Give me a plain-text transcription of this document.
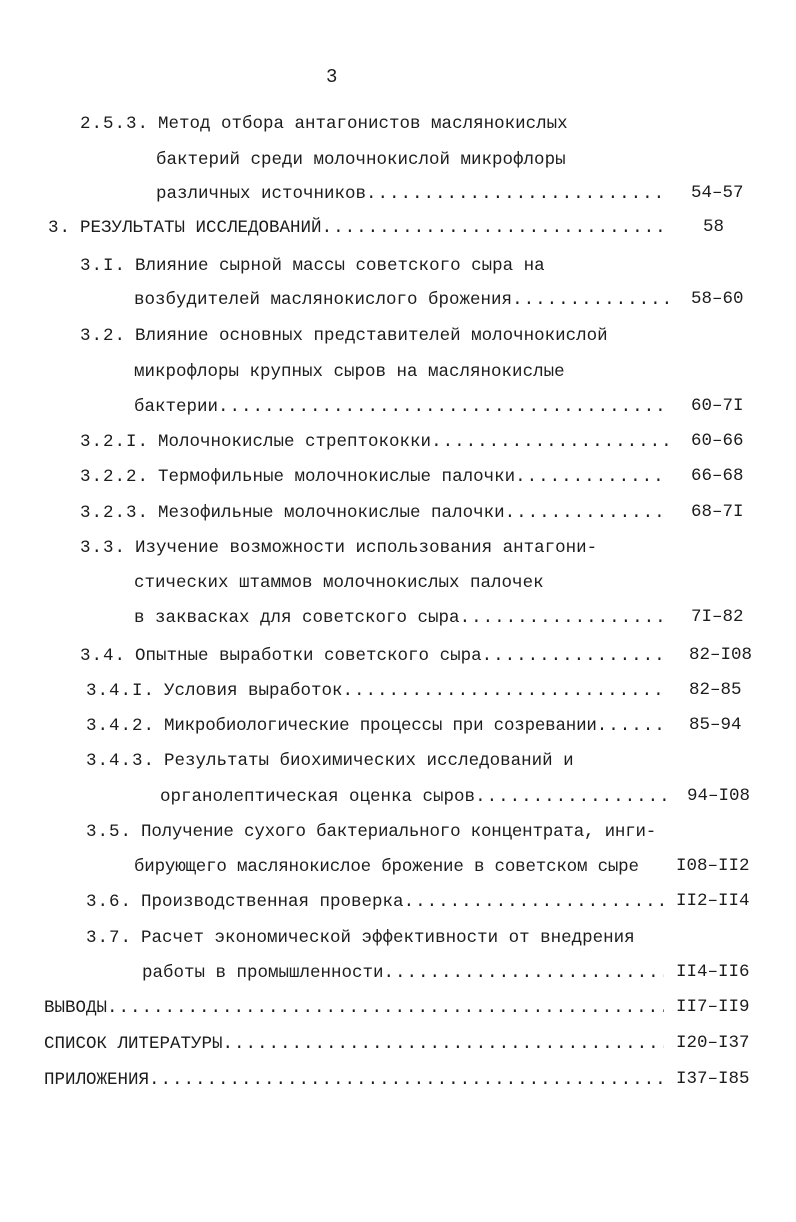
3
2.5.3. Метод отбора антагонистов маслянокислых
бактерий среди молочнокислой микрофлоры
различных источников .....	54–57
3. РЕЗУЛЬТАТЫ ИССЛЕДОВАНИЙ .....	58
3.I. Влияние сырной массы советского сыра на
возбудителей маслянокислого брожения .....	58–60
3.2. Влияние основных представителей молочнокислой
микрофлоры крупных сыров на маслянокислые
бактерии .....	60–7I
3.2.I. Молочнокислые стрептококки .....	60–66
3.2.2. Термофильные молочнокислые палочки .....	66–68
3.2.3. Мезофильные молочнокислые палочки .....	68–7I
3.3. Изучение возможности использования антагони-
стических штаммов молочнокислых палочек
в заквасках для советского сыра .....	7I–82
3.4. Опытные выработки советского сыра .....	82–I08
3.4.I. Условия выработок .....	82–85
3.4.2. Микробиологические процессы при созревании .....	85–94
3.4.3. Результаты биохимических исследований и
органолептическая оценка сыров .....	94–I08
3.5. Получение сухого бактериального концентрата, инги-
бирующего маслянокислое брожение в советском сыре I08–II2
3.6. Производственная проверка .....	II2–II4
3.7. Расчет экономической эффективности от внедрения
работы в промышленности .....	II4–II6
ВЫВОДЫ .....	II7–II9
СПИСОК ЛИТЕРАТУРЫ .....	I20–I37
ПРИЛОЖЕНИЯ .....	I37–I85
